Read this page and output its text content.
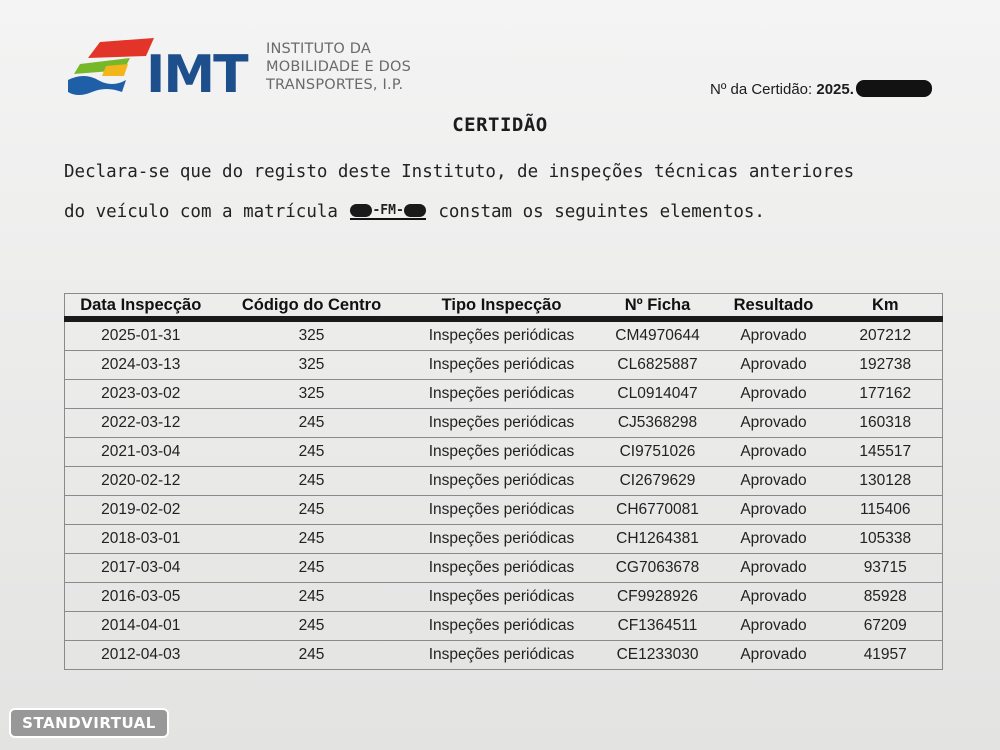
IMT INSTITUTO DA
MOBILIDADE E DOS
TRANSPORTES, I.P.	Nº da Certidão: 2025.
CERTIDÃO
Declara-se que do registo deste Instituto, de inspeções técnicas anteriores
do veículo com a matrícula	-FM- constam os seguintes elementos.
Data Inspecção	Código do Centro	Tipo Inspecção	Nº Ficha	Resultado	Km
2025-01-31	325	Inspeções periódicas	CM4970644	Aprovado	207212
2024-03-13	325	Inspeções periódicas	CL6825887	Aprovado	192738
2023-03-02	325	Inspeções periódicas	CL0914047	Aprovado	177162
2022-03-12	245	Inspeções periódicas	CJ5368298	Aprovado	160318
2021-03-04	245	Inspeções periódicas	CI9751026	Aprovado	145517
2020-02-12	245	Inspeções periódicas	CI2679629	Aprovado	130128
2019-02-02	245	Inspeções periódicas	CH6770081	Aprovado	115406
2018-03-01	245	Inspeções periódicas	CH1264381	Aprovado	105338
2017-03-04	245	Inspeções periódicas	CG7063678	Aprovado	93715
2016-03-05	245	Inspeções periódicas	CF9928926	Aprovado	85928
2014-04-01	245	Inspeções periódicas	CF1364511	Aprovado	67209
2012-04-03	245	Inspeções periódicas	CE1233030	Aprovado	41957
STANDVIRTUAL
